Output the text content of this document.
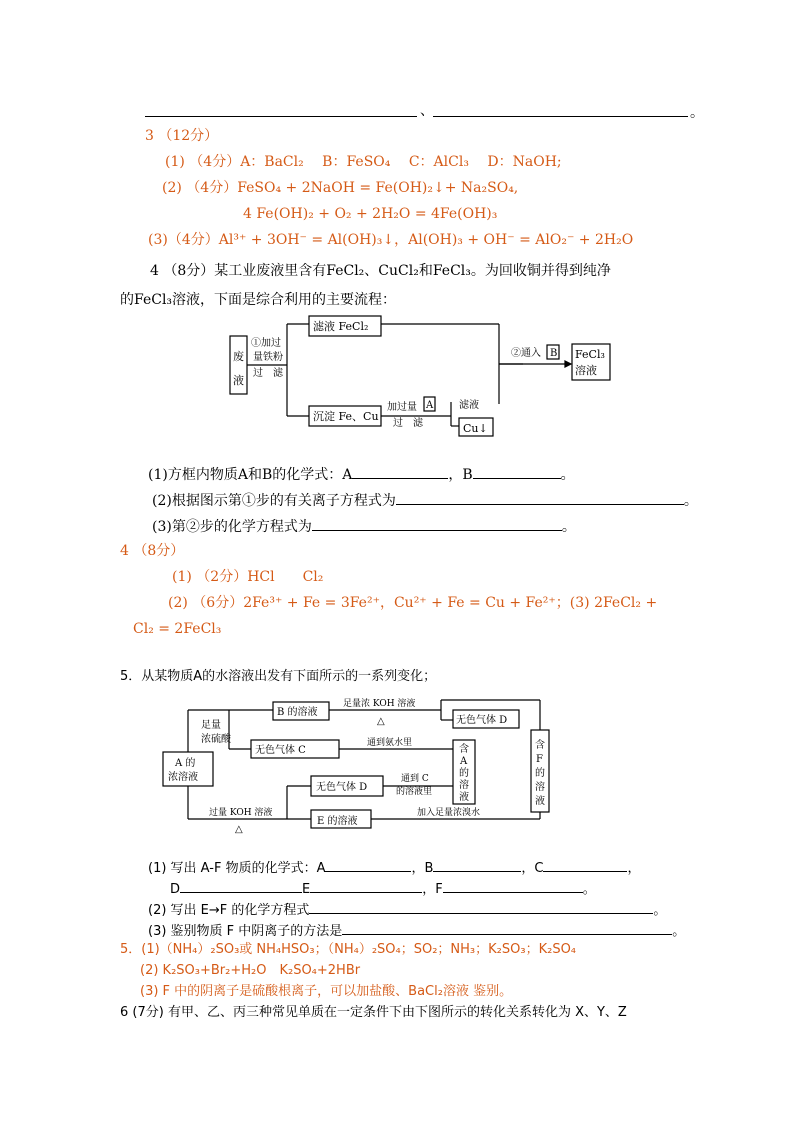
、	。
3 （12分）
(1) （4分）A：BaCl₂　 B：FeSO₄　 C：AlCl₃　 D：NaOH;
(2) （4分）FeSO₄ + 2NaOH = Fe(OH)₂↓+ Na₂SO₄,
4 Fe(OH)₂ + O₂ + 2H₂O = 4Fe(OH)₃
(3)（4分）Al³⁺ + 3OH⁻ = Al(OH)₃↓，Al(OH)₃ + OH⁻ = AlO₂⁻ + 2H₂O
4 （8分）某工业废液里含有FeCl₂、CuCl₂和FeCl₃。为回收铜并得到纯净
的FeCl₃溶液，下面是综合利用的主要流程：
废
液
①加过
量铁粉
过　滤
滤液 FeCl₂
沉淀 Fe、Cu
加过量 A
过　滤
滤液
Cu↓
②通入 B FeCl₃
溶液
(1)方框内物质A和B的化学式：A	，B	。
(2)根据图示第①步的有关离子方程式为	。
(3)第②步的化学方程式为	。
4 （8分）
(1) （2分）HCl　　Cl₂
(2) （6分）2Fe³⁺ + Fe = 3Fe²⁺，Cu²⁺ + Fe = Cu + Fe²⁺；(3) 2FeCl₂ +
Cl₂ = 2FeCl₃
5．从某物质A的水溶液出发有下面所示的一系列变化；
A 的
浓溶液
足量
浓硫酸
B 的溶液
足量浓 KOH 溶液
△	无色气体 D
无色气体 C
通到氨水里
含
A
的
溶
液
含
F
的
溶
液
无色气体 D
通到 C
的溶液里
过量 KOH 溶液
△
E 的溶液
加入足量浓溴水
(1) 写出 A-F 物质的化学式：A	，B	，C	，
D	E	，F	。
(2) 写出 E→F 的化学方程式	。
(3) 鉴别物质 F 中阴离子的方法是	。
5．(1)（NH₄）₂SO₃或 NH₄HSO₃；（NH₄）₂SO₄；SO₂；NH₃；K₂SO₃；K₂SO₄
(2) K₂SO₃+Br₂+H₂O　K₂SO₄+2HBr
(3) F 中的阴离子是硫酸根离子，可以加盐酸、BaCl₂溶液 鉴别。
6 (7分) 有甲、乙、丙三种常见单质在一定条件下由下图所示的转化关系转化为 X、Y、Z
